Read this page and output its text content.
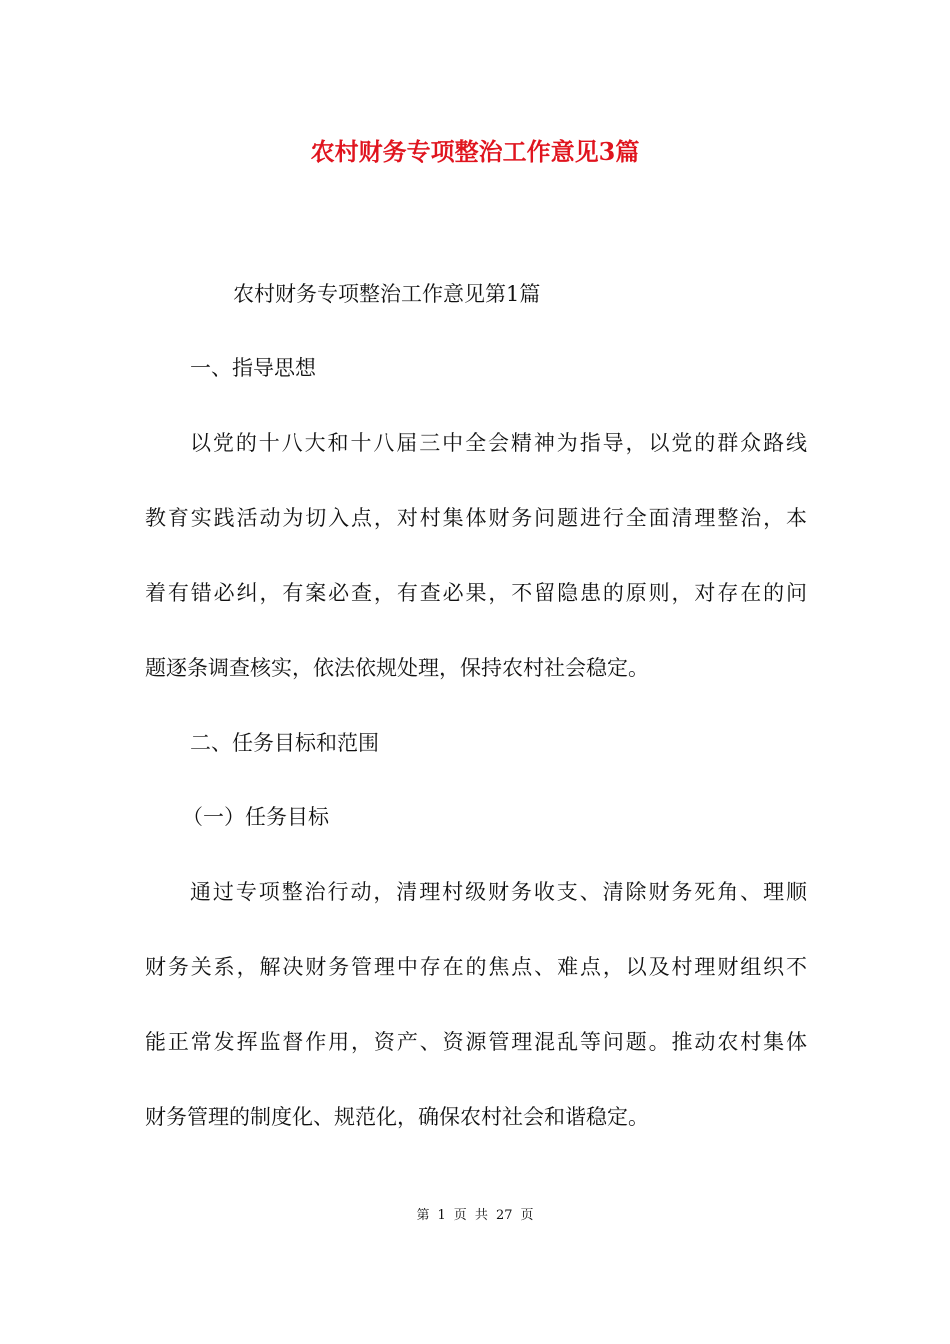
农村财务专项整治工作意见3篇
农村财务专项整治工作意见第1篇
一、指导思想
以党的十八大和十八届三中全会精神为指导，以党的群众路线
教育实践活动为切入点，对村集体财务问题进行全面清理整治，本
着有错必纠，有案必查，有查必果，不留隐患的原则，对存在的问
题逐条调查核实，依法依规处理，保持农村社会稳定。
二、任务目标和范围
（一）任务目标
通过专项整治行动，清理村级财务收支、清除财务死角、理顺
财务关系，解决财务管理中存在的焦点、难点，以及村理财组织不
能正常发挥监督作用，资产、资源管理混乱等问题。推动农村集体
财务管理的制度化、规范化，确保农村社会和谐稳定。
第 1 页 共 27 页
